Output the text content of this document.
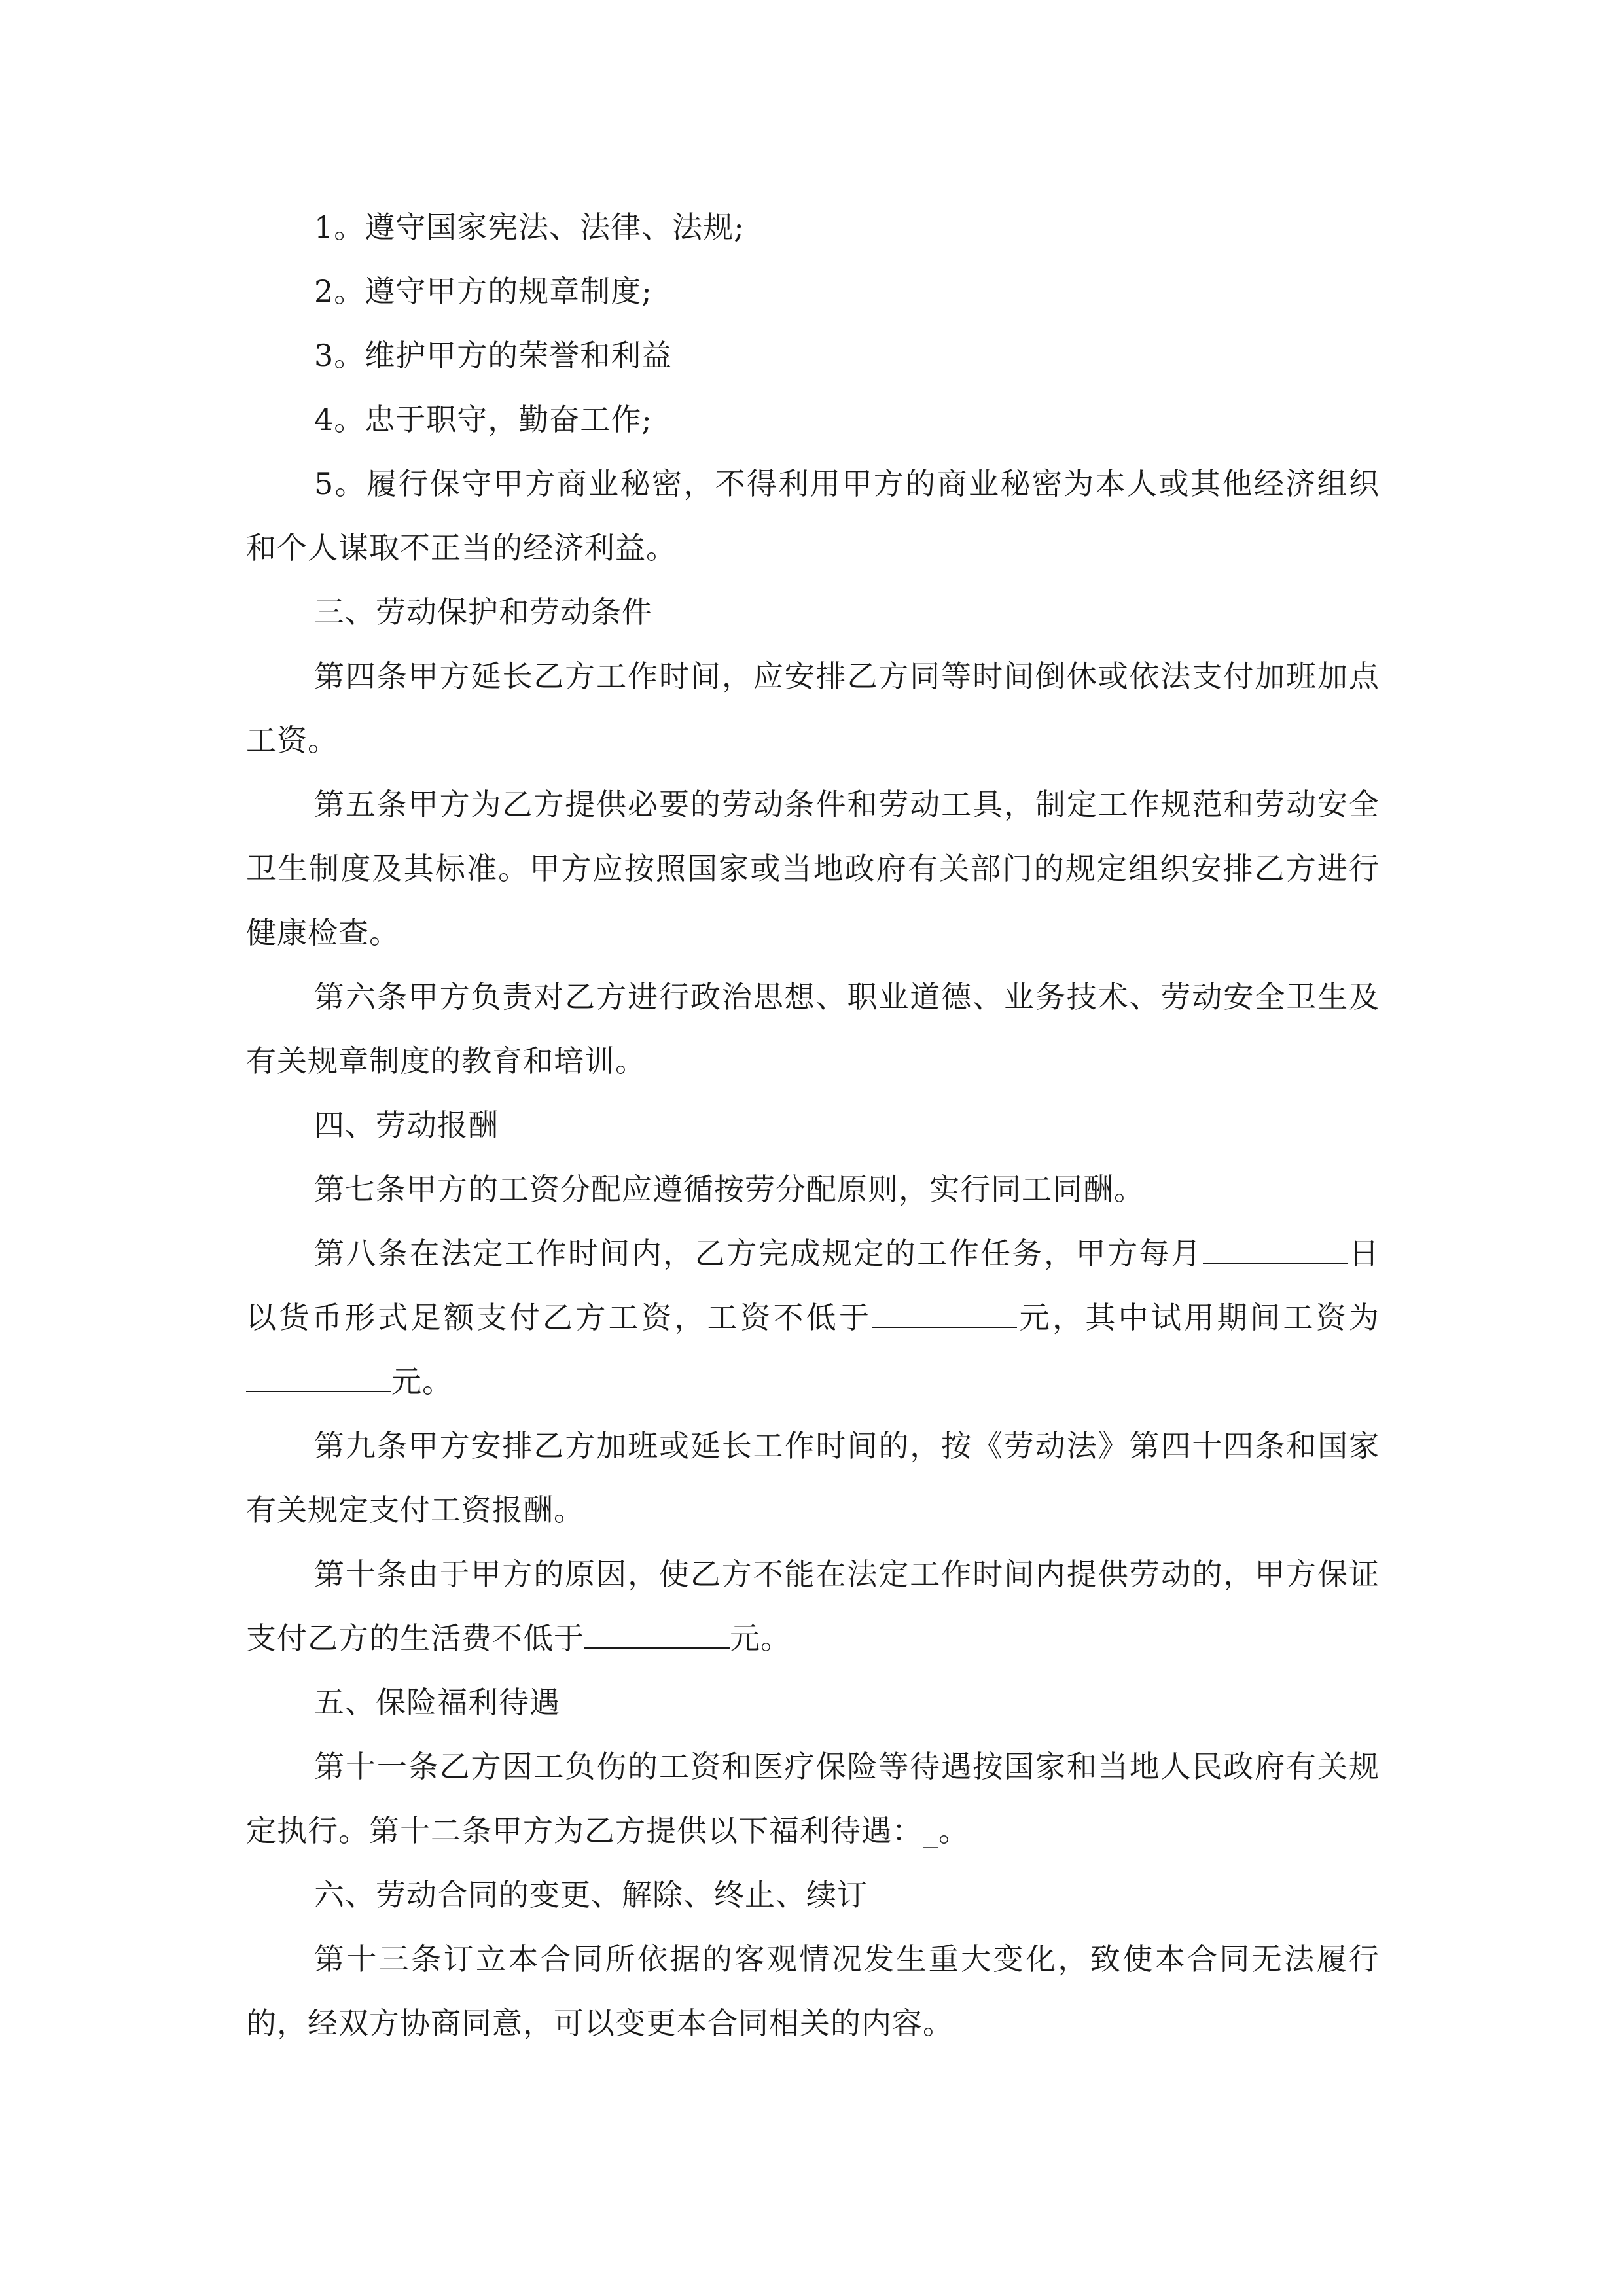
1。遵守国家宪法、法律、法规;

2。遵守甲方的规章制度;

3。维护甲方的荣誉和利益

4。忠于职守，勤奋工作;

5。履行保守甲方商业秘密，不得利用甲方的商业秘密为本人或其他经济组织和个人谋取不正当的经济利益。

三、劳动保护和劳动条件

第四条甲方延长乙方工作时间，应安排乙方同等时间倒休或依法支付加班加点工资。

第五条甲方为乙方提供必要的劳动条件和劳动工具，制定工作规范和劳动安全卫生制度及其标准。甲方应按照国家或当地政府有关部门的规定组织安排乙方进行健康检查。

第六条甲方负责对乙方进行政治思想、职业道德、业务技术、劳动安全卫生及有关规章制度的教育和培训。

四、劳动报酬

第七条甲方的工资分配应遵循按劳分配原则，实行同工同酬。

第八条在法定工作时间内，乙方完成规定的工作任务，甲方每月	日以货币形式足额支付乙方工资，工资不低于	元，其中试用期间工资为元。

第九条甲方安排乙方加班或延长工作时间的，按《劳动法》第四十四条和国家有关规定支付工资报酬。

第十条由于甲方的原因，使乙方不能在法定工作时间内提供劳动的，甲方保证支付乙方的生活费不低于	元。

五、保险福利待遇

第十一条乙方因工负伤的工资和医疗保险等待遇按国家和当地人民政府有关规定执行。第十二条甲方为乙方提供以下福利待遇：_。

六、劳动合同的变更、解除、终止、续订

第十三条订立本合同所依据的客观情况发生重大变化，致使本合同无法履行的，经双方协商同意，可以变更本合同相关的内容。
